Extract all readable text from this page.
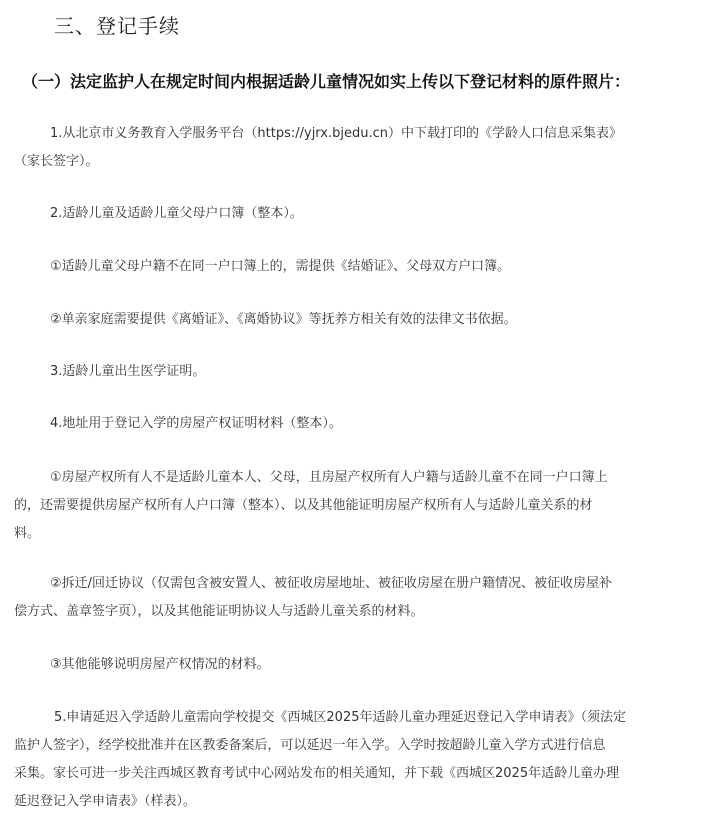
三、登记手续
（一）法定监护人在规定时间内根据适龄儿童情况如实上传以下登记材料的原件照片：
1.从北京市义务教育入学服务平台（https://yjrx.bjedu.cn）中下载打印的《学龄人口信息采集表》
（家长签字）。
2.适龄儿童及适龄儿童父母户口簿（整本）。
①适龄儿童父母户籍不在同一户口簿上的，需提供《结婚证》、父母双方户口簿。
②单亲家庭需要提供《离婚证》、《离婚协议》等抚养方相关有效的法律文书依据。
3.适龄儿童出生医学证明。
4.地址用于登记入学的房屋产权证明材料（整本）。
①房屋产权所有人不是适龄儿童本人、父母，且房屋产权所有人户籍与适龄儿童不在同一户口簿上
的，还需要提供房屋产权所有人户口簿（整本）、以及其他能证明房屋产权所有人与适龄儿童关系的材
料。
②拆迁/回迁协议（仅需包含被安置人、被征收房屋地址、被征收房屋在册户籍情况、被征收房屋补
偿方式、盖章签字页），以及其他能证明协议人与适龄儿童关系的材料。
③其他能够说明房屋产权情况的材料。
5.申请延迟入学适龄儿童需向学校提交《西城区2025年适龄儿童办理延迟登记入学申请表》（须法定
监护人签字），经学校批准并在区教委备案后，可以延迟一年入学。入学时按超龄儿童入学方式进行信息
采集。家长可进一步关注西城区教育考试中心网站发布的相关通知，并下载《西城区2025年适龄儿童办理
延迟登记入学申请表》（样表）。
